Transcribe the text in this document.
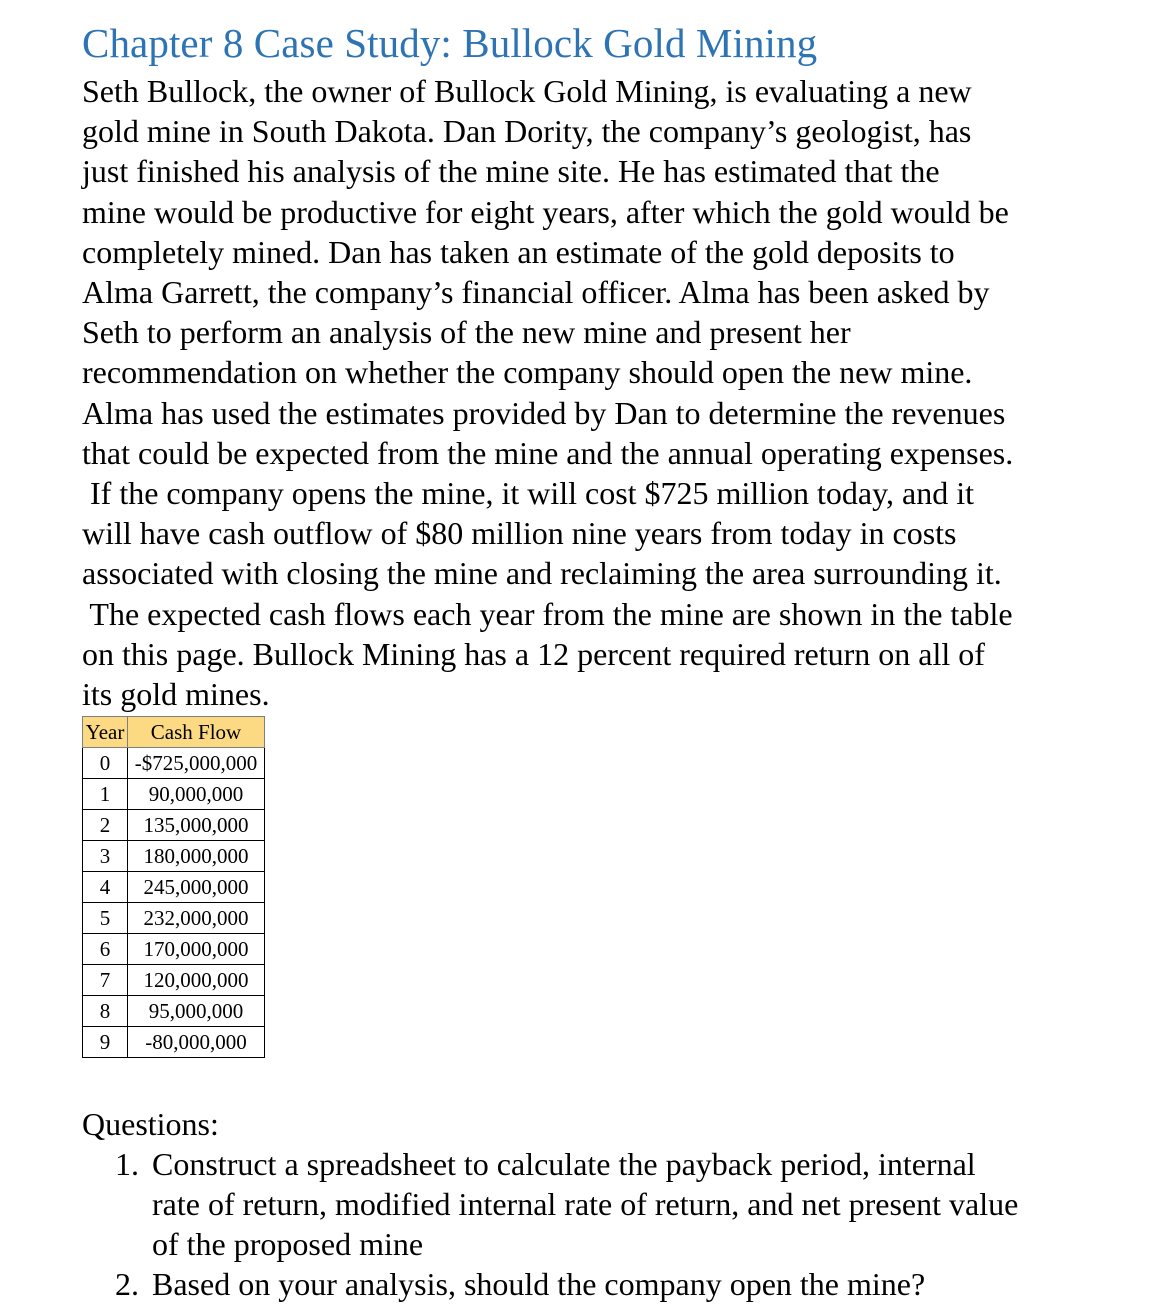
Chapter 8 Case Study: Bullock Gold Mining
Seth Bullock, the owner of Bullock Gold Mining, is evaluating a new
gold mine in South Dakota. Dan Dority, the company’s geologist, has
just finished his analysis of the mine site. He has estimated that the
mine would be productive for eight years, after which the gold would be
completely mined. Dan has taken an estimate of the gold deposits to
Alma Garrett, the company’s financial officer. Alma has been asked by
Seth to perform an analysis of the new mine and present her
recommendation on whether the company should open the new mine.
Alma has used the estimates provided by Dan to determine the revenues
that could be expected from the mine and the annual operating expenses.
If the company opens the mine, it will cost $725 million today, and it
will have cash outflow of $80 million nine years from today in costs
associated with closing the mine and reclaiming the area surrounding it.
The expected cash flows each year from the mine are shown in the table
on this page. Bullock Mining has a 12 percent required return on all of
its gold mines.
Year	Cash Flow
0	-$725,000,000
1	90,000,000
2	135,000,000
3	180,000,000
4	245,000,000
5	232,000,000
6	170,000,000
7	120,000,000
8	95,000,000
9	-80,000,000
Questions:
1. Construct a spreadsheet to calculate the payback period, internal
rate of return, modified internal rate of return, and net present value
of the proposed mine
2. Based on your analysis, should the company open the mine?
